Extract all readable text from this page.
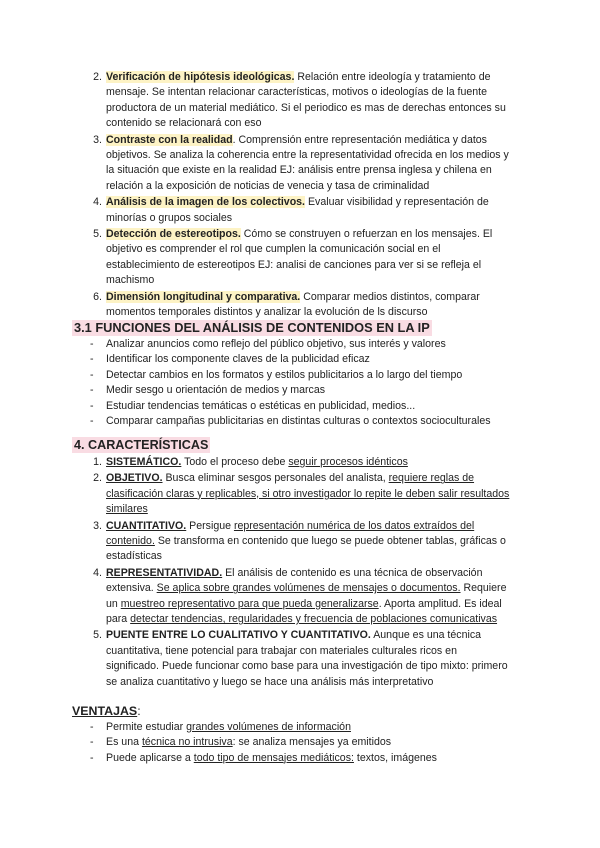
2. Verificación de hipótesis ideológicas. Relación entre ideología y tratamiento de mensaje. Se intentan relacionar características, motivos o ideologías de la fuente productora de un material mediático. Si el periodico es mas de derechas entonces su contenido se relacionará con eso
3. Contraste con la realidad. Comprensión entre representación mediática y datos objetivos. Se analiza la coherencia entre la representatividad ofrecida en los medios y la situación que existe en la realidad EJ: análisis entre prensa inglesa y chilena en relación a la exposición de noticias de venecia y tasa de criminalidad
4. Análisis de la imagen de los colectivos. Evaluar visibilidad y representación de minorías o grupos sociales
5. Detección de estereotipos. Cómo se construyen o refuerzan en los mensajes. El objetivo es comprender el rol que cumplen la comunicación social en el establecimiento de estereotipos EJ: analisi de canciones para ver si se refleja el machismo
6. Dimensión longitudinal y comparativa. Comparar medios distintos, comparar momentos temporales distintos y analizar la evolución de ls discurso
3.1 FUNCIONES DEL ANÁLISIS DE CONTENIDOS EN LA IP
- Analizar anuncios como reflejo del público objetivo, sus interés y valores
- Identificar los componente claves de la publicidad eficaz
- Detectar cambios en los formatos y estilos publicitarios a lo largo del tiempo
- Medir sesgo u orientación de medios y marcas
- Estudiar tendencias temáticas o estéticas en publicidad, medios...
- Comparar campañas publicitarias en distintas culturas o contextos socioculturales
4. CARACTERÍSTICAS
1. SISTEMÁTICO. Todo el proceso debe seguir procesos idénticos
2. OBJETIVO. Busca eliminar sesgos personales del analista, requiere reglas de clasificación claras y replicables, si otro investigador lo repite le deben salir resultados similares
3. CUANTITATIVO. Persigue representación numérica de los datos extraídos del contenido. Se transforma en contenido que luego se puede obtener tablas, gráficas o estadísticas
4. REPRESENTATIVIDAD. El análisis de contenido es una técnica de observación extensiva. Se aplica sobre grandes volúmenes de mensajes o documentos. Requiere un muestreo representativo para que pueda generalizarse. Aporta amplitud. Es ideal para detectar tendencias, regularidades y frecuencia de poblaciones comunicativas
5. PUENTE ENTRE LO CUALITATIVO Y CUANTITATIVO. Aunque es una técnica cuantitativa, tiene potencial para trabajar con materiales culturales ricos en significado. Puede funcionar como base para una investigación de tipo mixto: primero se analiza cuantitativo y luego se hace una análisis más interpretativo
VENTAJAS:
- Permite estudiar grandes volúmenes de información
- Es una técnica no intrusiva: se analiza mensajes ya emitidos
- Puede aplicarse a todo tipo de mensajes mediáticos: textos, imágenes
